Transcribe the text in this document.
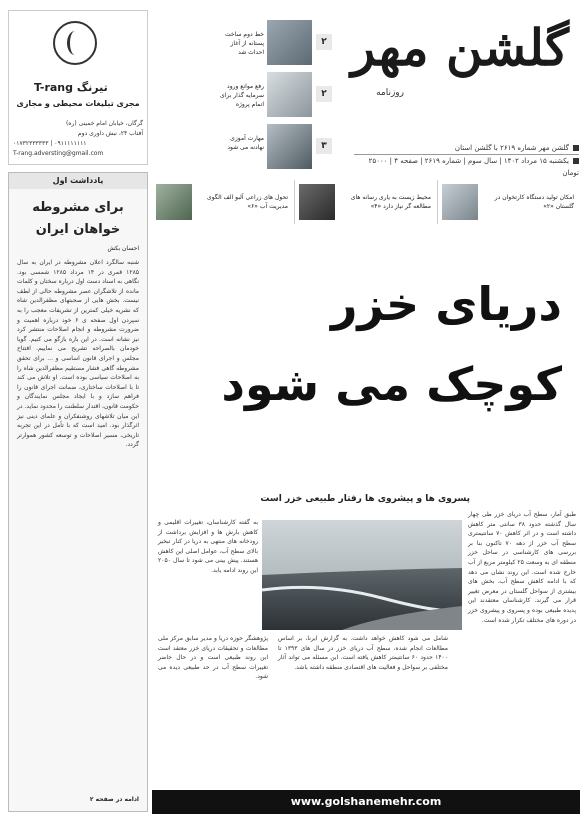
گلشن مهر
روزنامه
گلشن مهر شماره ۲۶۱۹ با گلشن استان
یکشنبه ۱۵ مرداد ۱۴۰۲ | سال سوم | شماره ۲۶۱۹ | صفحه ۴ | ۲۵۰۰۰ تومان
۲
خط دوم ساخت پستانه از آغاز احداث شد
۲
رفع موانع ورود سرمایه گذار برای اتمام پروژه
۳
مهارت آموزی نهادنه می شود
T-rang تیرنگ
مجری تبلیغات محیطی و مجازی
گرگان، خیابان امام خمینی (ره)
آفتاب ۲۴، نبش داوری دوم
۰۱۷۳۲۳۳۳۳۳۳ | ۰۹۱۱۱۱۱۱۱۱
T-rang.adversting@gmail.com
یادداشت اول
برای مشروطه خواهان ایران
احسان بکش
شنبه سالگرد اعلان مشروطه در ایران به سال ۱۲۸۵ قمری در ۱۴ مرداد ۱۲۸۵ شمسی بود. نگاهی به اسناد دست اول درباره سختان و کلمات مانده از تلاشگران عصر مشروطه حالی از لطف نیست. بخش هایی از صحبتهای مظفرالدین شاه که نشریه خیلی کمترین از تشریفات معجب را به سپردن اول صفحه ی ۶ خود درباره اهمیت و ضرورت مشروطه و انجام اصلاحات منتشر کرد نیز نشانه است. در این باره بازگو می کنیم. گویا خودمان بالصراحه تشریح می نماییم. افتتاح مجلس و اجرای قانون اساسی و ... برای تحقق مشروطه گاهی فشار مستقیم مظفرالدین شاه را به اصلاحات سیاسی بوده است. او تلاش می کند تا با اصلاحات ساختاری، ضمانت اجرای قانون را فراهم سازد و با ایجاد مجلس نمایندگان و حکومت قانون، اقتدار سلطنت را محدود نماید. در این میان تلاشهای روشنفکران و علمای دینی نیز اثرگذار بود. امید است که با تأمل در این تجربه تاریخی، مسیر اصلاحات و توسعه کشور هموارتر گردد.
ادامه در صفحه ۲
امکان تولید دستگاه کارتخوان در گلستان «۲»
محیط زیست به یاری رسانه های مطالعه گر نیاز دارد «۴»
تحول های زراعی آلبو الف الگوی مدیریت آب «۶»
دریای خزر
کوچک می شود
پسروی ها و پیشروی ها رفتار طبیعی خزر است
طبق آمار، سطح آب دریای خزر طی چهار سال گذشته حدود ۳۸ سانتی متر کاهش داشته است و در اثر کاهش ۷۰ سانتیمتری سطح آب خزر از دهه ۷۰ تاکنون بنا بر بررسی های کارشناسی در ساحل خزر منطقه ای به وسعت ۲۵ کیلومتر مربع از آب خارج شده است. این روند نشان می دهد که با ادامه کاهش سطح آب، بخش های بیشتری از سواحل گلستان در معرض تغییر قرار می گیرند. کارشناسان معتقدند این پدیده طبیعی بوده و پسروی و پیشروی خزر در دوره های مختلف تکرار شده است.
به گفته کارشناسان، تغییرات اقلیمی و کاهش بارش ها و افزایش برداشت از رودخانه های منتهی به دریا در کنار تبخیر بالای سطح آب، عوامل اصلی این کاهش هستند. پیش بینی می شود تا سال ۲۰۵۰ این روند ادامه یابد.
پژوهشگر حوزه دریا و مدیر سابق مرکز ملی مطالعات و تحقیقات دریای خزر معتقد است این روند طبیعی است و در حال حاضر تغییرات سطح آب در حد طبیعی دیده می شود.
شامل می شود کاهش خواهد داشت. به گزارش ایرنا، بر اساس مطالعات انجام شده، سطح آب دریای خزر در سال های ۱۳۹۳ تا ۱۴۰۰ حدود ۶۰ سانتیمتر کاهش یافته است. این مسئله می تواند آثار مختلفی بر سواحل و فعالیت های اقتصادی منطقه داشته باشد.
www.golshanemehr.com
